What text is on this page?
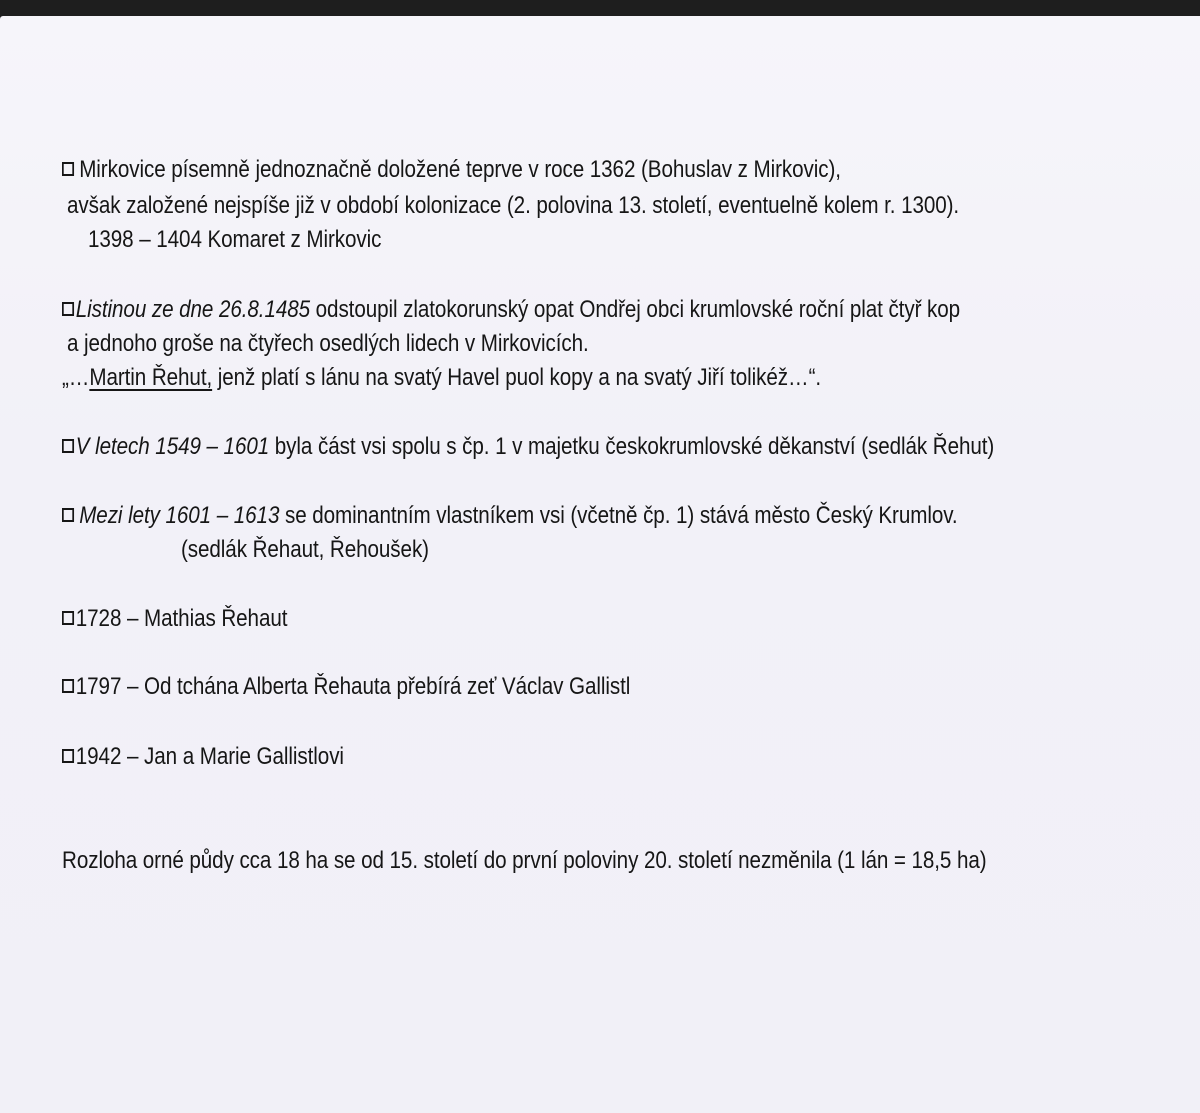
Mirkovice písemně jednoznačně doložené teprve v roce 1362 (Bohuslav z Mirkovic),
avšak založené nejspíše již v období kolonizace (2. polovina 13. století, eventuelně kolem r. 1300).
1398 – 1404 Komaret z Mirkovic
Listinou ze dne 26.8.1485 odstoupil zlatokorunský opat Ondřej obci krumlovské roční plat čtyř kop
a jednoho groše na čtyřech osedlých lidech v Mirkovicích.
„…Martin Řehut, jenž platí s lánu na svatý Havel puol kopy a na svatý Jiří tolikéž…“.
V letech 1549 – 1601 byla část vsi spolu s čp. 1 v majetku českokrumlovské děkanství (sedlák Řehut)
Mezi lety 1601 – 1613 se dominantním vlastníkem vsi (včetně čp. 1) stává město Český Krumlov.
(sedlák Řehaut, Řehoušek)
1728 – Mathias Řehaut
1797 – Od tchána Alberta Řehauta přebírá zeť Václav Gallistl
1942 – Jan a Marie Gallistlovi
Rozloha orné půdy cca 18 ha se od 15. století do první poloviny 20. století nezměnila (1 lán = 18,5 ha)
